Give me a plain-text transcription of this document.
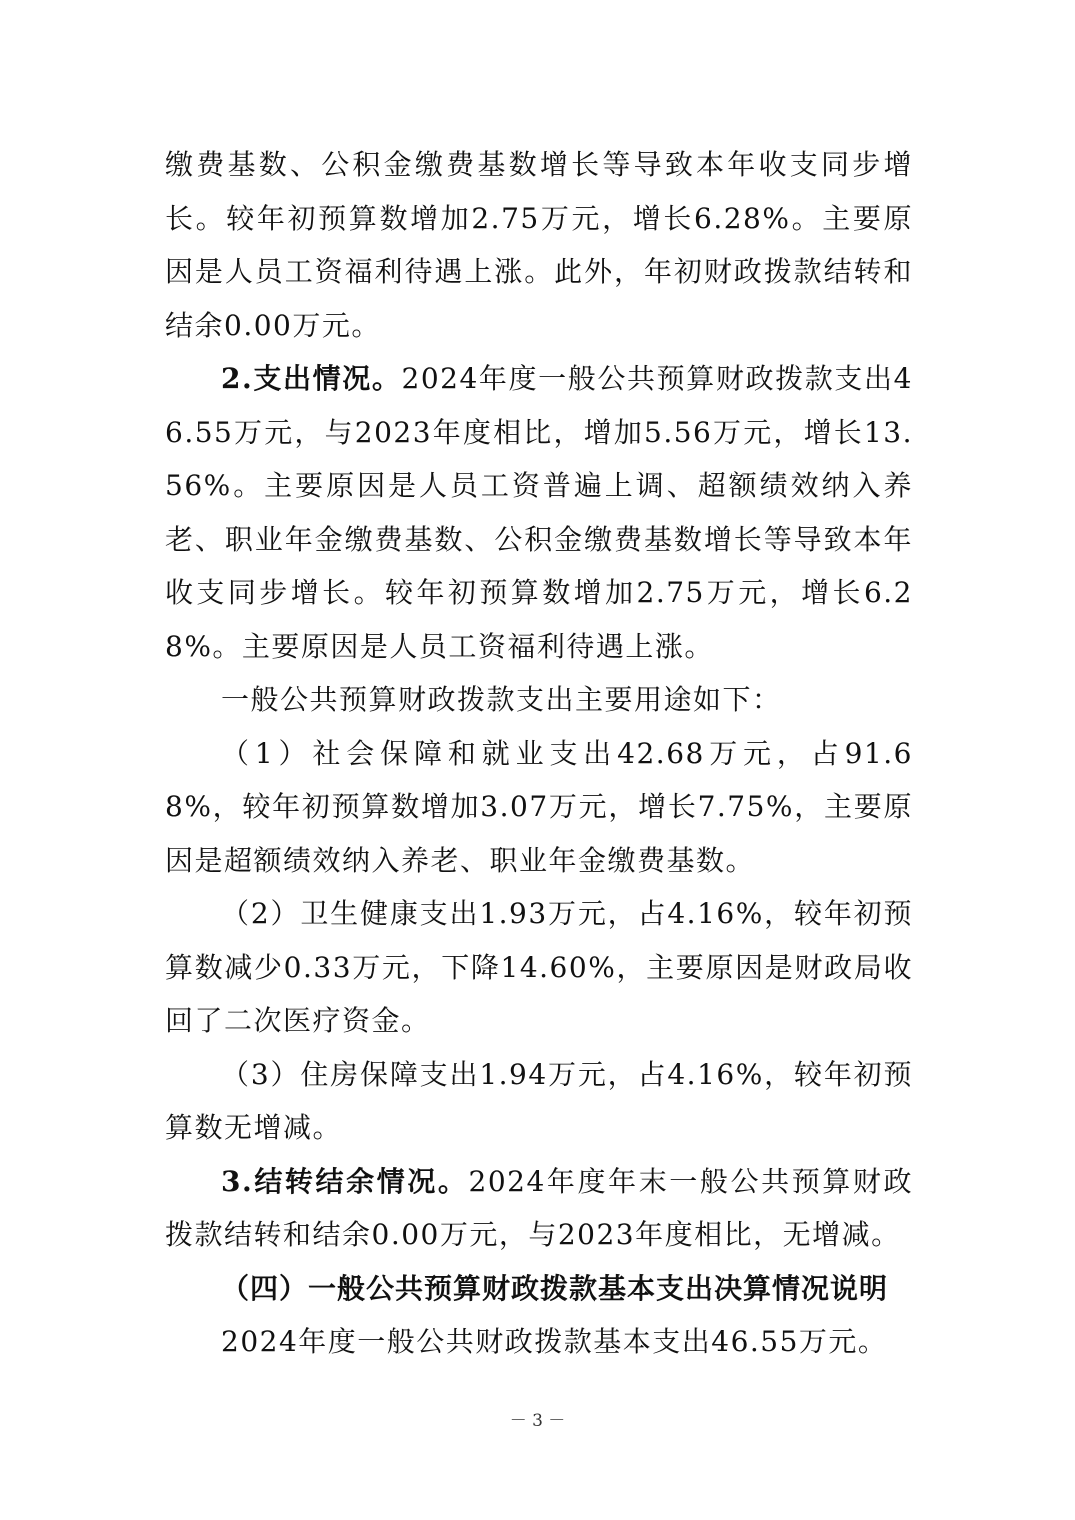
缴费基数、公积金缴费基数增长等导致本年收支同步增长。较年初预算数增加2.75万元，增长6.28%。主要原因是人员工资福利待遇上涨。此外，年初财政拨款结转和结余0.00万元。

2.支出情况。2024年度一般公共预算财政拨款支出46.55万元，与2023年度相比，增加5.56万元，增长13.56%。主要原因是人员工资普遍上调、超额绩效纳入养老、职业年金缴费基数、公积金缴费基数增长等导致本年收支同步增长。较年初预算数增加2.75万元，增长6.28%。主要原因是人员工资福利待遇上涨。

一般公共预算财政拨款支出主要用途如下：

（1）社会保障和就业支出42.68万元，占91.68%，较年初预算数增加3.07万元，增长7.75%，主要原因是超额绩效纳入养老、职业年金缴费基数。

（2）卫生健康支出1.93万元，占4.16%，较年初预算数减少0.33万元，下降14.60%，主要原因是财政局收回了二次医疗资金。

（3）住房保障支出1.94万元，占4.16%，较年初预算数无增减。

3.结转结余情况。2024年度年末一般公共预算财政拨款结转和结余0.00万元，与2023年度相比，无增减。

（四）一般公共预算财政拨款基本支出决算情况说明

2024年度一般公共财政拨款基本支出46.55万元。

－ 3 －
